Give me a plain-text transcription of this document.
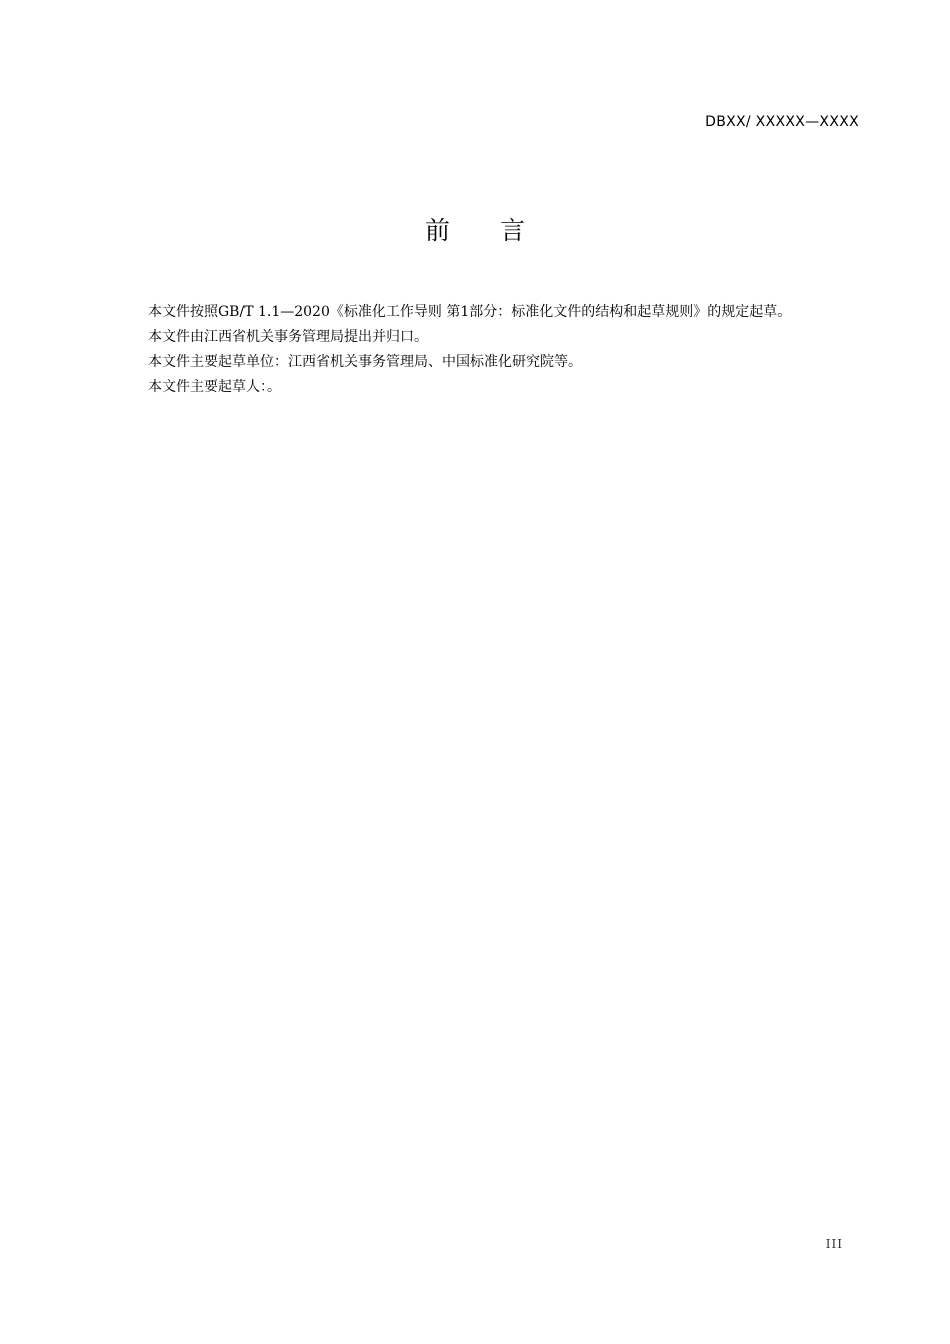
DBXX/ XXXXX—XXXX
前 言

本文件按照GB/T 1.1—2020《标准化工作导则 第1部分：标准化文件的结构和起草规则》的规定起草。

本文件由江西省机关事务管理局提出并归口。

本文件主要起草单位：江西省机关事务管理局、中国标准化研究院等。

本文件主要起草人：。

III
